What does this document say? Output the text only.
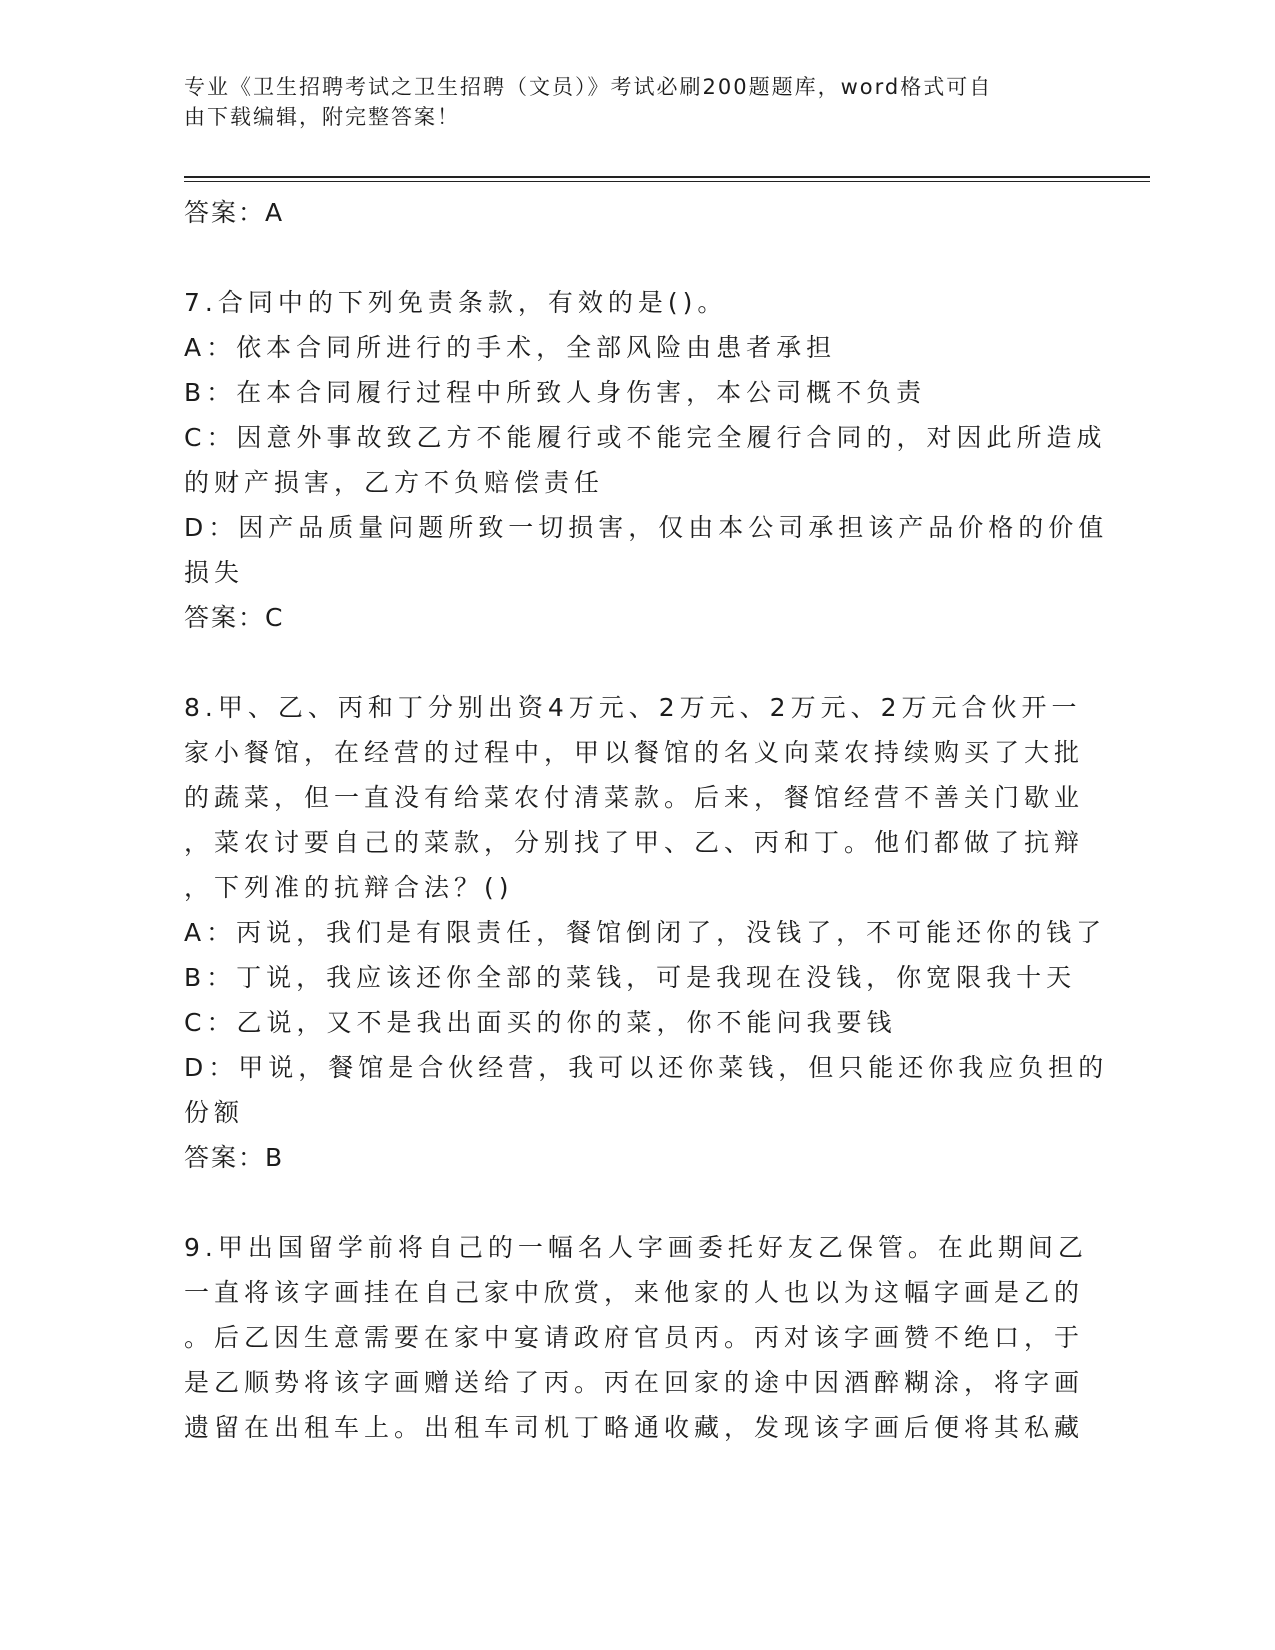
专业《卫生招聘考试之卫生招聘（文员）》考试必刷200题题库，word格式可自
由下载编辑，附完整答案！
答案：A
7.合同中的下列免责条款，有效的是()。
A：依本合同所进行的手术，全部风险由患者承担
B：在本合同履行过程中所致人身伤害，本公司概不负责
C：因意外事故致乙方不能履行或不能完全履行合同的，对因此所造成
的财产损害，乙方不负赔偿责任
D：因产品质量问题所致一切损害，仅由本公司承担该产品价格的价值
损失
答案：C
8.甲、乙、丙和丁分别出资4万元、2万元、2万元、2万元合伙开一
家小餐馆，在经营的过程中，甲以餐馆的名义向菜农持续购买了大批
的蔬菜，但一直没有给菜农付清菜款。后来，餐馆经营不善关门歇业
，菜农讨要自己的菜款，分别找了甲、乙、丙和丁。他们都做了抗辩
，下列准的抗辩合法？()
A：丙说，我们是有限责任，餐馆倒闭了，没钱了，不可能还你的钱了
B：丁说，我应该还你全部的菜钱，可是我现在没钱，你宽限我十天
C：乙说，又不是我出面买的你的菜，你不能问我要钱
D：甲说，餐馆是合伙经营，我可以还你菜钱，但只能还你我应负担的
份额
答案：B
9.甲出国留学前将自己的一幅名人字画委托好友乙保管。在此期间乙
一直将该字画挂在自己家中欣赏，来他家的人也以为这幅字画是乙的
。后乙因生意需要在家中宴请政府官员丙。丙对该字画赞不绝口，于
是乙顺势将该字画赠送给了丙。丙在回家的途中因酒醉糊涂，将字画
遗留在出租车上。出租车司机丁略通收藏，发现该字画后便将其私藏
